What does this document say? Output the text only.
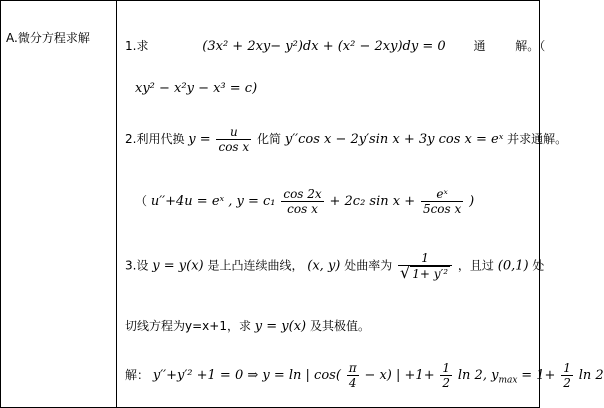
A.微分方程求解
1.求	(3x² + 2xy− y²)dx + (x² − 2xy)dy = 0 通 解。（
xy² − x²y − x³ = c)
2.利用代换 $y = \frac{u}{\text{cos x}}$ 化简 y′′cos x − 2y′sin x + 3y cos x = eˣ 并求通解。
（ u′′+4u = eˣ , $y = c_1 \frac{\cos 2x}{\text{cos x}} + 2c_2$ $\sin x + \frac{\text{eˣ}}{\text{5cos x}}$ )
3.设 y = y(x) 是上凸连续曲线， (x, y) 处曲率为 $\frac{1}{\text{√ 1+ y′²}}$ ，且过 (0,1) 处
切线方程为y=x+1，求 y = y(x) 及其极值。
解： y′′+y′² +1 = 0 ⇒ y = ln | $\cos( \frac{\pi}{4} - x)$ | $+1+ \frac{1}{2}$ ln 2, $y_{max} = 1+ \frac{1}{2}$ ln 2
